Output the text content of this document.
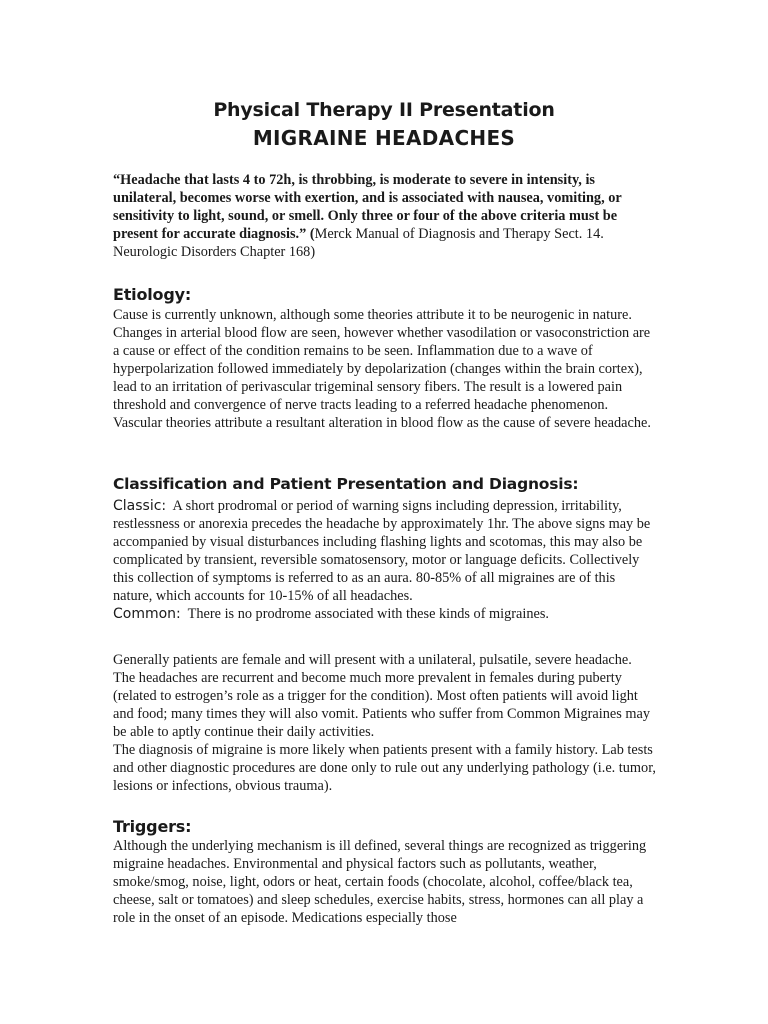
Physical Therapy II Presentation
MIGRAINE HEADACHES
“Headache that lasts 4 to 72h, is throbbing, is moderate to severe in intensity, is unilateral, becomes worse with exertion, and is associated with nausea, vomiting, or sensitivity to light, sound, or smell. Only three or four of the above criteria must be present for accurate diagnosis.” (Merck Manual of Diagnosis and Therapy Sect. 14. Neurologic Disorders Chapter 168)
Etiology:
Cause is currently unknown, although some theories attribute it to be neurogenic in nature. Changes in arterial blood flow are seen, however whether vasodilation or vasoconstriction are a cause or effect of the condition remains to be seen. Inflammation due to a wave of hyperpolarization followed immediately by depolarization (changes within the brain cortex), lead to an irritation of perivascular trigeminal sensory fibers. The result is a lowered pain threshold and convergence of nerve tracts leading to a referred headache phenomenon. Vascular theories attribute a resultant alteration in blood flow as the cause of severe headache.
Classification and Patient Presentation and Diagnosis:

Classic: A short prodromal or period of warning signs including depression, irritability, restlessness or anorexia precedes the headache by approximately 1hr. The above signs may be accompanied by visual disturbances including flashing lights and scotomas, this may also be complicated by transient, reversible somatosensory, motor or language deficits. Collectively this collection of symptoms is referred to as an aura. 80-85% of all migraines are of this nature, which accounts for 10-15% of all headaches.

Common: There is no prodrome associated with these kinds of migraines.

Generally patients are female and will present with a unilateral, pulsatile, severe headache. The headaches are recurrent and become much more prevalent in females during puberty (related to estrogen’s role as a trigger for the condition). Most often patients will avoid light and food; many times they will also vomit. Patients who suffer from Common Migraines may be able to aptly continue their daily activities.

The diagnosis of migraine is more likely when patients present with a family history. Lab tests and other diagnostic procedures are done only to rule out any underlying pathology (i.e. tumor, lesions or infections, obvious trauma).

Triggers:
Although the underlying mechanism is ill defined, several things are recognized as triggering migraine headaches. Environmental and physical factors such as pollutants, weather, smoke/smog, noise, light, odors or heat, certain foods (chocolate, alcohol, coffee/black tea, cheese, salt or tomatoes) and sleep schedules, exercise habits, stress, hormones can all play a role in the onset of an episode. Medications especially those
